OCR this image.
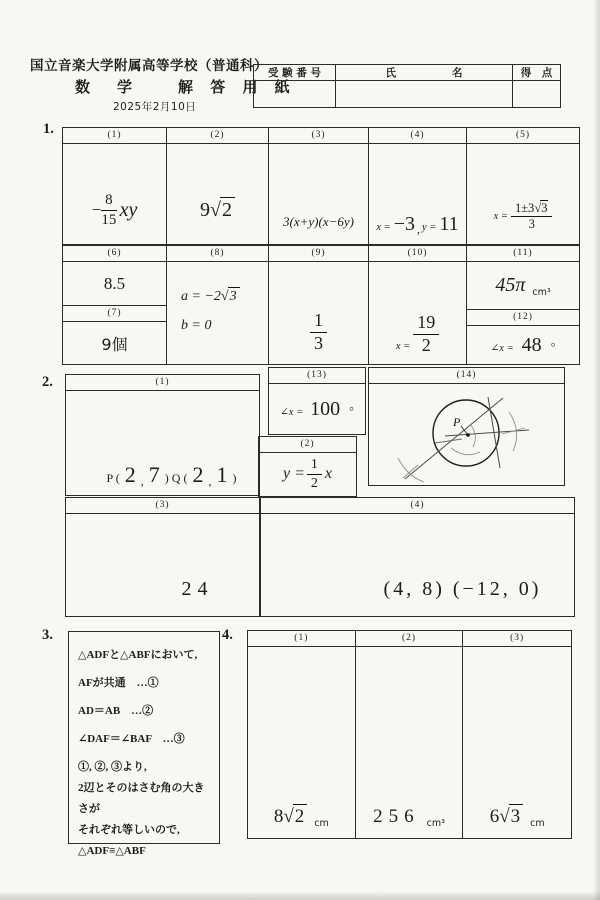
国立音楽大学附属高等学校（普通科）
数　学	解 答 用 紙
2025年2月10日
受 験 番 号	氏	名	得　点
1.	(1)
− $\frac{8}{15}$ xy
(2)
9 √ 2
(3)
3(x+y)(x−6y)
(4)
x = −3 , y = 11
(5)
$x = \frac{1\pm 3√3}{3}$
(6)
8.5
(7)
9個
(8)
a = −2 √ 3
b = 0
(9)
$\frac{1}{3}$
(10)
$x = \frac{19}{2}$
(11)
45π cm³
(12)
∠x = 48 °
(13)
∠x = 100 °
(14)
P
2.	(1)
P ( 2 , 7 ) Q ( 2 , 1 )
(2)
$y = \frac{1}{2}$ x
(3)
24
(4)
(4, 8) (−12, 0)
3.
△ADFと△ABFにおいて,
AFが共通　…①
AD＝AB　…②
∠DAF＝∠BAF　…③
①, ②, ③より,
2辺とそのはさむ角の大きさが
それぞれ等しいので,
△ADF≡△ABF
4.	(1)
8 √ 2	cm
(2)
256 cm³
(3)
6 √ 3	cm
